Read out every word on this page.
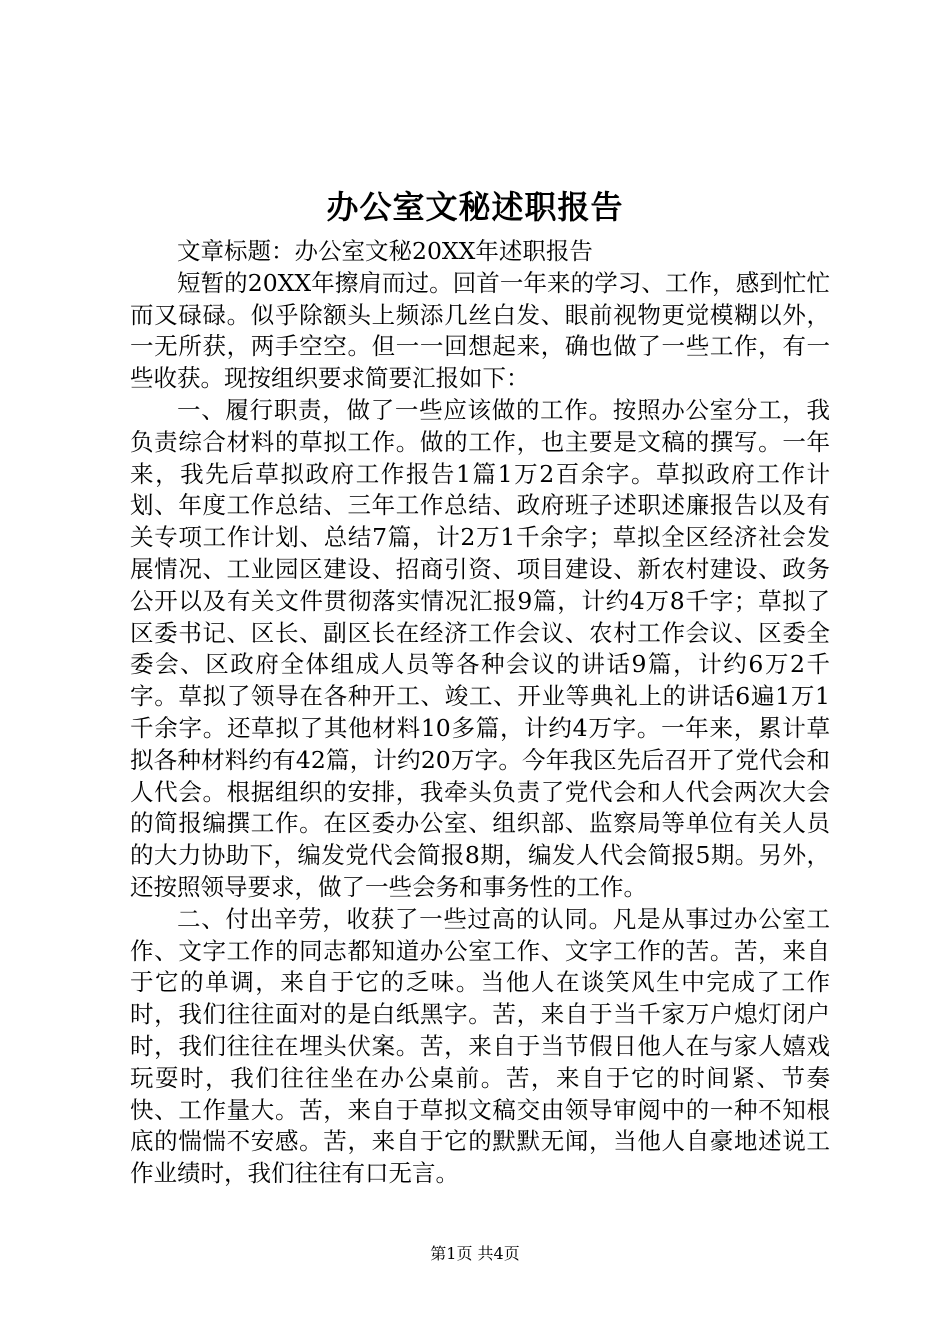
办公室文秘述职报告

文章标题：办公室文秘20XX年述职报告

短暂的20XX年擦肩而过。回首一年来的学习、工作，感到忙忙而又碌碌。似乎除额头上频添几丝白发、眼前视物更觉模糊以外，一无所获，两手空空。但一一回想起来，确也做了一些工作，有一些收获。现按组织要求简要汇报如下：

一、履行职责，做了一些应该做的工作。按照办公室分工，我负责综合材料的草拟工作。做的工作，也主要是文稿的撰写。一年来，我先后草拟政府工作报告1篇1万2百余字。草拟政府工作计划、年度工作总结、三年工作总结、政府班子述职述廉报告以及有关专项工作计划、总结7篇，计2万1千余字；草拟全区经济社会发展情况、工业园区建设、招商引资、项目建设、新农村建设、政务公开以及有关文件贯彻落实情况汇报9篇，计约4万8千字；草拟了区委书记、区长、副区长在经济工作会议、农村工作会议、区委全委会、区政府全体组成人员等各种会议的讲话9篇，计约6万2千字。草拟了领导在各种开工、竣工、开业等典礼上的讲话6遍1万1千余字。还草拟了其他材料10多篇，计约4万字。一年来，累计草拟各种材料约有42篇，计约20万字。今年我区先后召开了党代会和人代会。根据组织的安排，我牵头负责了党代会和人代会两次大会的简报编撰工作。在区委办公室、组织部、监察局等单位有关人员的大力协助下，编发党代会简报8期，编发人代会简报5期。另外，还按照领导要求，做了一些会务和事务性的工作。

二、付出辛劳，收获了一些过高的认同。凡是从事过办公室工作、文字工作的同志都知道办公室工作、文字工作的苦。苦，来自于它的单调，来自于它的乏味。当他人在谈笑风生中完成了工作时，我们往往面对的是白纸黑字。苦，来自于当千家万户熄灯闭户时，我们往往在埋头伏案。苦，来自于当节假日他人在与家人嬉戏玩耍时，我们往往坐在办公桌前。苦，来自于它的时间紧、节奏快、工作量大。苦，来自于草拟文稿交由领导审阅中的一种不知根底的惴惴不安感。苦，来自于它的默默无闻，当他人自豪地述说工作业绩时，我们往往有口无言。

第1页 共4页
